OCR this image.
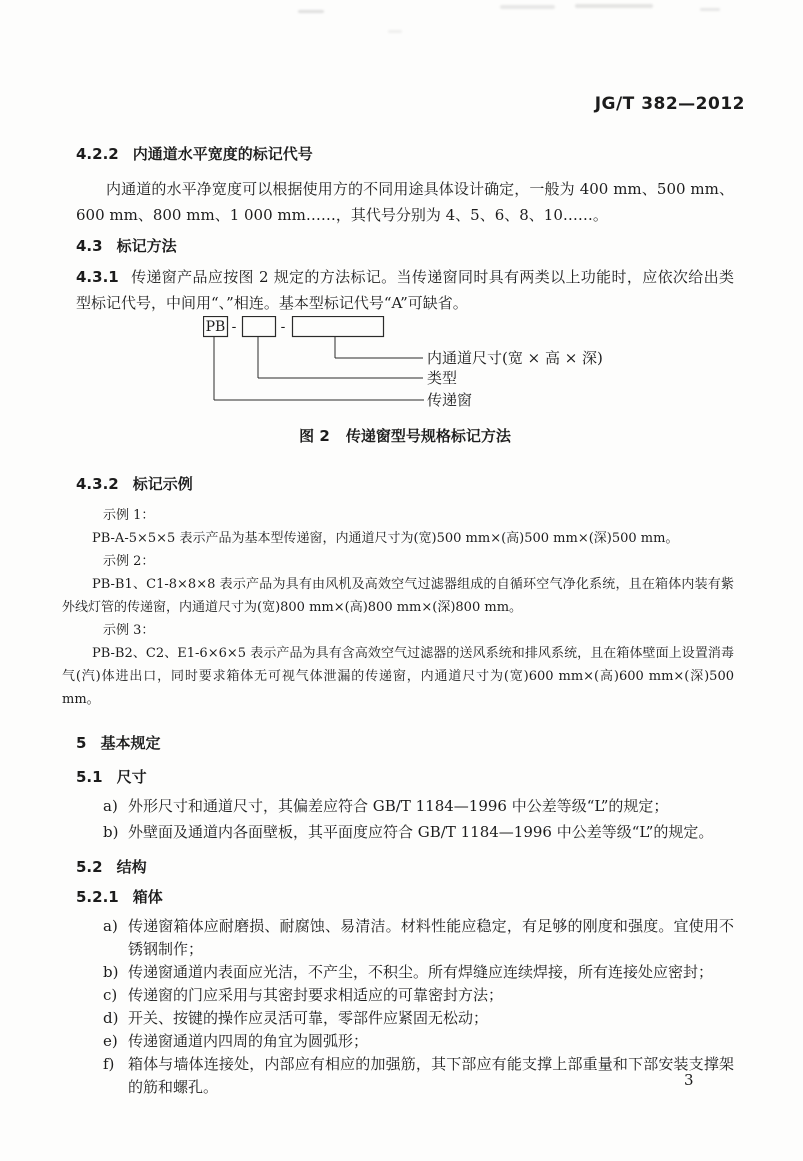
JG/T 382—2012
4.2.2 内通道水平宽度的标记代号
内通道的水平净宽度可以根据使用方的不同用途具体设计确定，一般为 400 mm、500 mm、600 mm、800 mm、1 000 mm……，其代号分别为 4、5、6、8、10……。
4.3 标记方法
4.3.1 传递窗产品应按图 2 规定的方法标记。当传递窗同时具有两类以上功能时，应依次给出类型标记代号，中间用“、”相连。基本型标记代号“A”可缺省。
PB -	-
内通道尺寸(宽 × 高 × 深)
类型
传递窗
图 2 传递窗型号规格标记方法
4.3.2 标记示例
示例 1：
PB-A-5×5×5 表示产品为基本型传递窗，内通道尺寸为(宽)500 mm×(高)500 mm×(深)500 mm。
示例 2：
PB-B1、C1-8×8×8 表示产品为具有由风机及高效空气过滤器组成的自循环空气净化系统，且在箱体内装有紫外线灯管的传递窗，内通道尺寸为(宽)800 mm×(高)800 mm×(深)800 mm。
示例 3：
PB-B2、C2、E1-6×6×5 表示产品为具有含高效空气过滤器的送风系统和排风系统，且在箱体壁面上设置消毒气(汽)体进出口，同时要求箱体无可视气体泄漏的传递窗，内通道尺寸为(宽)600 mm×(高)600 mm×(深)500 mm。
5 基本规定
5.1 尺寸
a) 外形尺寸和通道尺寸，其偏差应符合 GB/T 1184—1996 中公差等级“L”的规定；
b) 外壁面及通道内各面壁板，其平面度应符合 GB/T 1184—1996 中公差等级“L”的规定。
5.2 结构
5.2.1 箱体
a) 传递窗箱体应耐磨损、耐腐蚀、易清洁。材料性能应稳定，有足够的刚度和强度。宜使用不锈钢制作；
b) 传递窗通道内表面应光洁，不产尘，不积尘。所有焊缝应连续焊接，所有连接处应密封；
c) 传递窗的门应采用与其密封要求相适应的可靠密封方法；
d) 开关、按键的操作应灵活可靠，零部件应紧固无松动；
e) 传递窗通道内四周的角宜为圆弧形；
f) 箱体与墙体连接处，内部应有相应的加强筋，其下部应有能支撑上部重量和下部安装支撑架的筋和螺孔。	3
